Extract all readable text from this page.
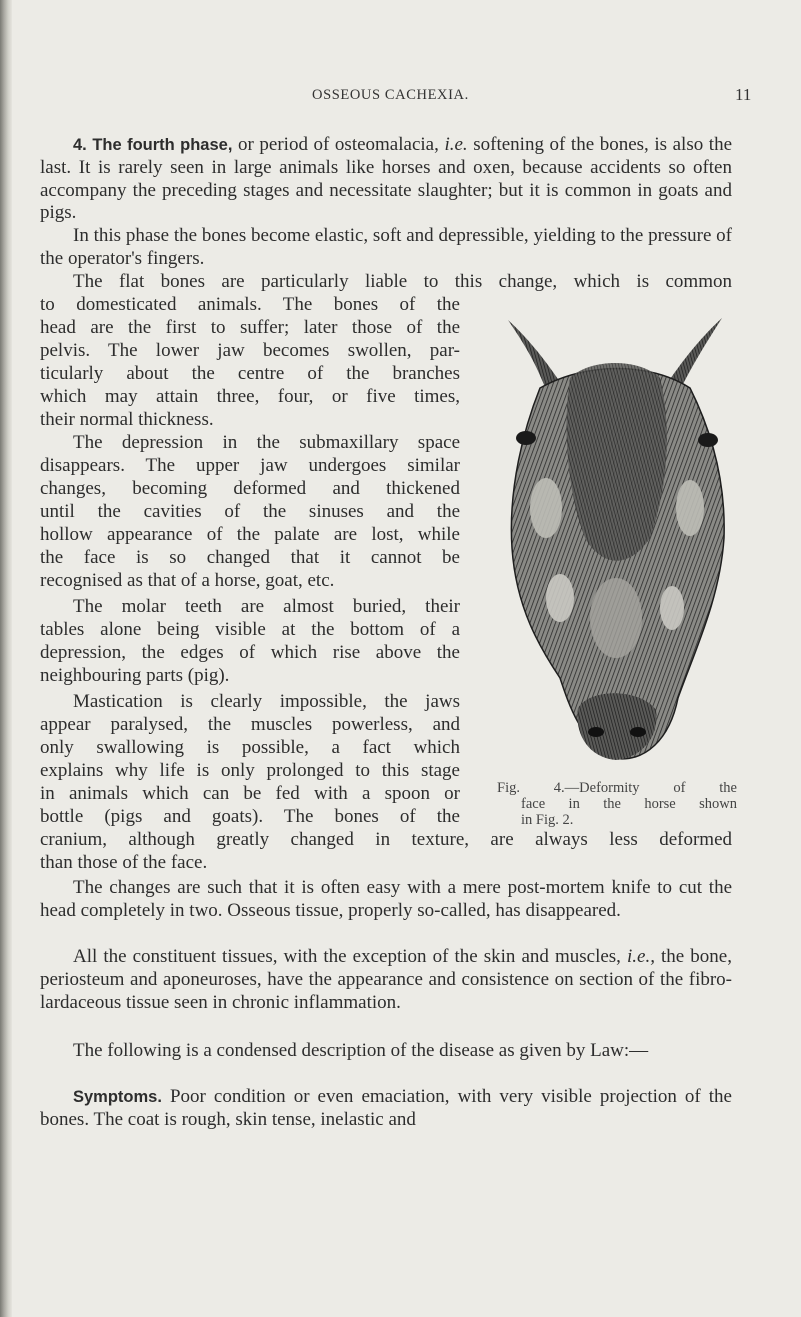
OSSEOUS CACHEXIA.	11

4. The fourth phase, or period of osteomalacia, i.e. softening of the bones, is also the last. It is rarely seen in large animals like horses and oxen, because accidents so often accompany the preceding stages and necessitate slaughter; but it is common in goats and pigs.

In this phase the bones become elastic, soft and depressible, yielding to the pressure of the operator's fingers.

The flat bones are particularly liable to this change, which is common

to domesticated animals. The bones of the

head are the first to suffer; later those of the

pelvis. The lower jaw becomes swollen, par-

ticularly about the centre of the branches

which may attain three, four, or five times,

their normal thickness.

The depression in the submaxillary space

disappears. The upper jaw undergoes similar

changes, becoming deformed and thickened

until the cavities of the sinuses and the

hollow appearance of the palate are lost, while

the face is so changed that it cannot be

recognised as that of a horse, goat, etc.

The molar teeth are almost buried, their

tables alone being visible at the bottom of a

depression, the edges of which rise above the

neighbouring parts (pig).

Mastication is clearly impossible, the jaws

appear paralysed, the muscles powerless, and

only swallowing is possible, a fact which

explains why life is only prolonged to this stage

in animals which can be fed with a spoon or

bottle (pigs and goats). The bones of the

cranium, although greatly changed in texture, are always less deformed

than those of the face.

The changes are such that it is often easy with a mere post-mortem knife to cut the head completely in two. Osseous tissue, properly so-called, has disappeared.

All the constituent tissues, with the exception of the skin and muscles, i.e., the bone, periosteum and aponeuroses, have the appearance and consistence on section of the fibro-lardaceous tissue seen in chronic inflammation.

The following is a condensed description of the disease as given by Law:—

Symptoms. Poor condition or even emaciation, with very visible projection of the bones. The coat is rough, skin tense, inelastic and

Fig. 4.—Deformity of the
face in the horse shown
in Fig. 2.
